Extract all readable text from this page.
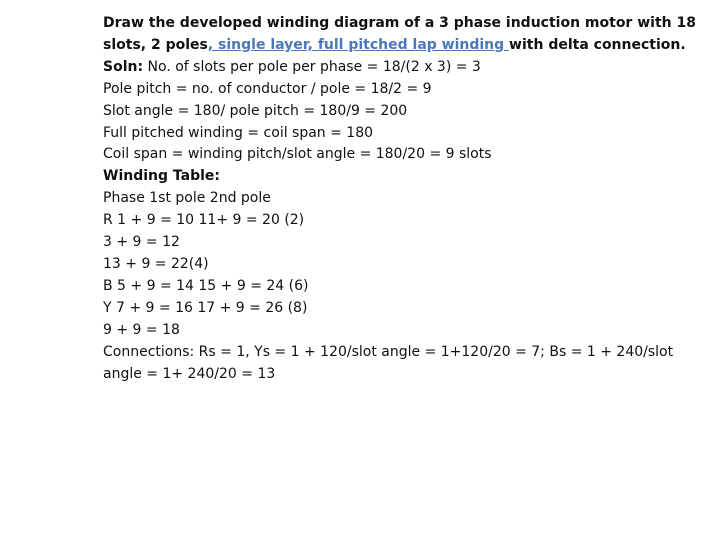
Draw the developed winding diagram of a 3 phase induction motor with 18
slots, 2 poles, single layer, full pitched lap winding with delta connection.
Soln: No. of slots per pole per phase = 18/(2 x 3) = 3
Pole pitch = no. of conductor / pole = 18/2 = 9
Slot angle = 180/ pole pitch = 180/9 = 200
Full pitched winding = coil span = 180
Coil span = winding pitch/slot angle = 180/20 = 9 slots
Winding Table:
Phase 1st pole 2nd pole
R 1 + 9 = 10 11+ 9 = 20 (2)
3 + 9 = 12
13 + 9 = 22(4)
B 5 + 9 = 14 15 + 9 = 24 (6)
Y 7 + 9 = 16 17 + 9 = 26 (8)
9 + 9 = 18
Connections: Rs = 1, Ys = 1 + 120/slot angle = 1+120/20 = 7; Bs = 1 + 240/slot
angle = 1+ 240/20 = 13
